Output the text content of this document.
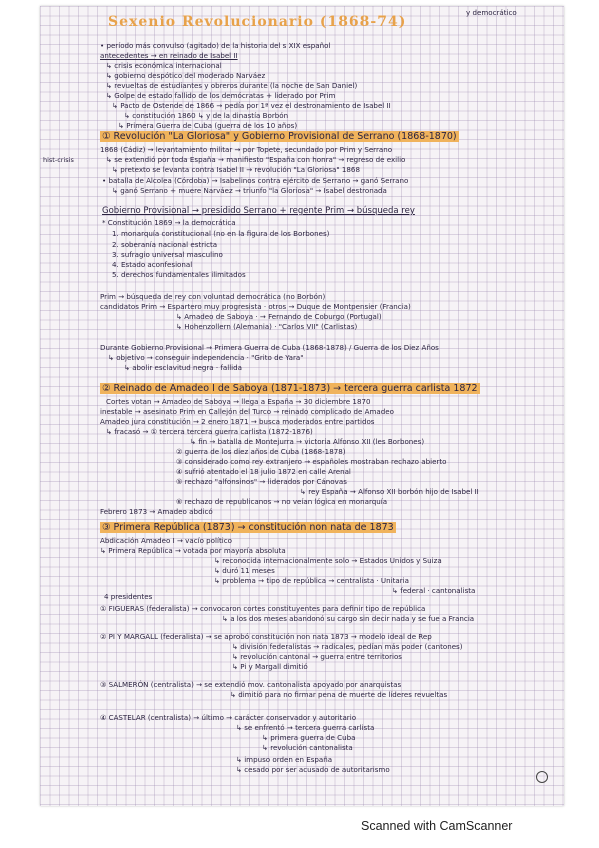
y democrático
Sexenio Revolucionario (1868-74)
hist-crisis
• período más convulso (agitado) de la historia del s XIX español
antecedentes → en reinado de Isabel II
↳ crisis económica internacional
↳ gobierno despótico del moderado Narváez
↳ revueltas de estudiantes y obreros durante (la noche de San Daniel)
↳ Golpe de estado fallido de los demócratas + liderado por Prim
↳ Pacto de Ostende de 1866 → pedía por 1ª vez el destronamiento de Isabel II
↳ constitución 1860 ↳ y de la dinastía Borbón
↳ Primera Guerra de Cuba (guerra de los 10 años)
① Revolución "La Gloriosa" y Gobierno Provisional de Serrano (1868-1870)
1868 (Cádiz) → levantamiento militar → por Topete, secundado por Prim y Serrano
↳ se extendió por toda España → manifiesto "España con honra" → regreso de exilio
↳ pretexto se levanta contra Isabel II → revolución "La Gloriosa" 1868
• batalla de Alcolea (Córdoba) → Isabelinos contra ejército de Serrano → ganó Serrano
↳ ganó Serrano + muere Narváez → triunfo "la Gloriosa" → Isabel destronada
Gobierno Provisional → presidido Serrano + regente Prim → búsqueda rey
* Constitución 1869 → la democrática
1. monarquía constitucional (no en la figura de los Borbones)
2. soberanía nacional estricta
3. sufragio universal masculino
4. Estado aconfesional
5. derechos fundamentales ilimitados
Prim → búsqueda de rey con voluntad democrática (no Borbón)
candidatos Prim → Espartero muy progresista · otros → Duque de Montpensier (Francia)
↳ Amadeo de Saboya · → Fernando de Coburgo (Portugal)
↳ Hohenzollern (Alemania) · "Carlos VII" (Carlistas)
Durante Gobierno Provisional → Primera Guerra de Cuba (1868-1878) / Guerra de los Diez Años
↳ objetivo → conseguir independencia · "Grito de Yara"
↳ abolir esclavitud negra · fallida
② Reinado de Amadeo I de Saboya (1871-1873) → tercera guerra carlista 1872
Cortes votan → Amadeo de Saboya → llega a España → 30 diciembre 1870
inestable → asesinato Prim en Callejón del Turco → reinado complicado de Amadeo
Amadeo jura constitución → 2 enero 1871 → busca moderados entre partidos
↳ fracasó → ① tercera tercera guerra carlista (1872-1876)
↳ fin → batalla de Montejurra → victoria Alfonso XII (les Borbones)
② guerra de los diez años de Cuba (1868-1878)
③ considerado como rey extranjero → españoles mostraban rechazo abierto
④ sufrió atentado el 18 julio 1872 en calle Arenal
⑤ rechazo "alfonsinos" → liderados por Cánovas
↳ rey España → Alfonso XII borbón hijo de Isabel II
⑥ rechazo de republicanos → no veían lógica en monarquía
Febrero 1873 → Amadeo abdicó
③ Primera República (1873) → constitución non nata de 1873
Abdicación Amadeo I → vacío político
↳ Primera República → votada por mayoría absoluta
↳ reconocida internacionalmente solo → Estados Unidos y Suiza
↳ duró 11 meses
↳ problema → tipo de república → centralista · Unitaria
↳ federal · cantonalista
4 presidentes
① FIGUERAS (federalista) → convocaron cortes constituyentes para definir tipo de república
↳ a los dos meses abandonó su cargo sin decir nada y se fue a Francia
② PI Y MARGALL (federalista) → se aprobó constitución non nata 1873 → modelo ideal de Rep
↳ división federalistas → radicales, pedían más poder (cantones)
↳ revolución cantonal → guerra entre territorios
↳ Pi y Margall dimitió
③ SALMERÓN (centralista) → se extendió mov. cantonalista apoyado por anarquistas
↳ dimitió para no firmar pena de muerte de líderes revueltas
④ CASTELAR (centralista) → último → carácter conservador y autoritario
↳ se enfrentó → tercera guerra carlista
↳ primera guerra de Cuba
↳ revolución cantonalista
↳ impuso orden en España
↳ cesado por ser acusado de autoritarismo
Scanned with CamScanner
